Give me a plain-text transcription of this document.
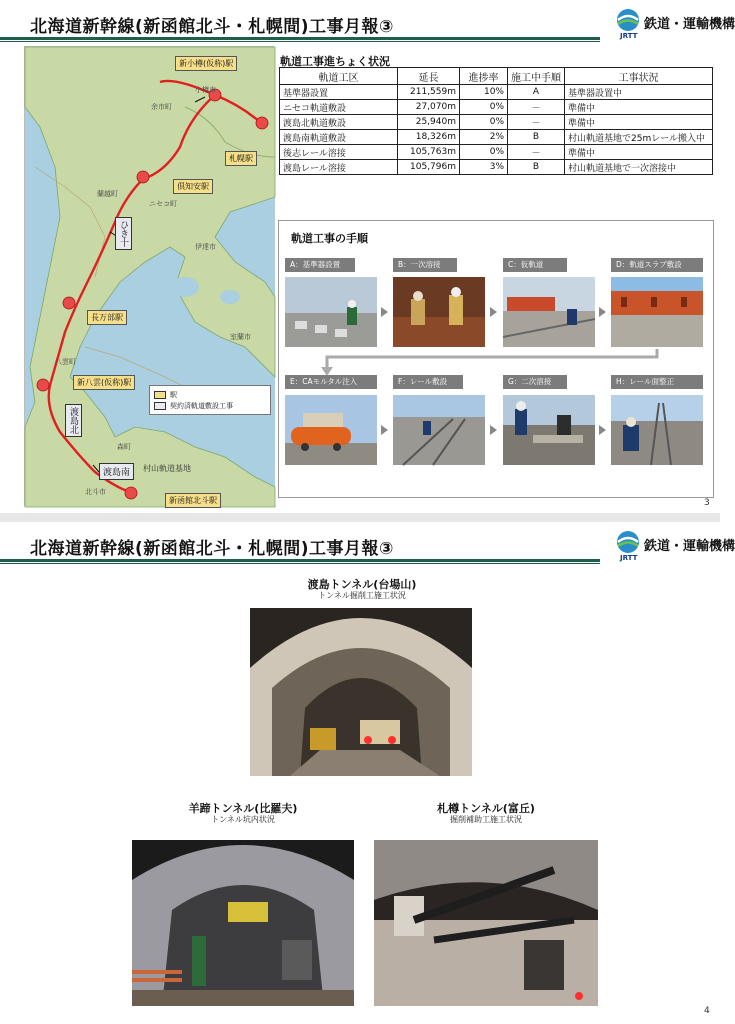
北海道新幹線(新函館北斗・札幌間)工事月報③	JRTT
鉄道・運輸機構
新小樽(仮称)駅
札幌駅
倶知安駅
長万部駅
新八雲(仮称)駅
新函館北斗駅
ひき十
渡島北
渡島南	村山軌道基地
小樽市
余市町
ニセコ町
蘭越町
伊達市
室蘭市
八雲町
森町
北斗市
駅
契約済軌道敷設工事
軌道工事進ちょく状況
軌道工区	延長	進捗率	施工中手順	工事状況
基準器設置	211,559m	10%	A	基準器設置中
ニセコ軌道敷設	27,070m	0%	－	準備中
渡島北軌道敷設	25,940m	0%	－	準備中
渡島南軌道敷設	18,326m	2%	B	村山軌道基地で25mレール搬入中
後志レール溶接	105,763m	0%	－	準備中
渡島レール溶接	105,796m	3%	B	村山軌道基地で一次溶接中
軌道工事の手順
A：基準器設置	B：一次溶接	C：仮軌道	D：軌道スラブ敷設
E：CAモルタル注入	F：レール敷設	G：二次溶接	H：レール面整正
3
北海道新幹線(新函館北斗・札幌間)工事月報③	JRTT
鉄道・運輸機構
渡島トンネル(台場山)
トンネル掘削工施工状況
羊蹄トンネル(比羅夫)
トンネル坑内状況
札樽トンネル(富丘)
掘削補助工施工状況
4
